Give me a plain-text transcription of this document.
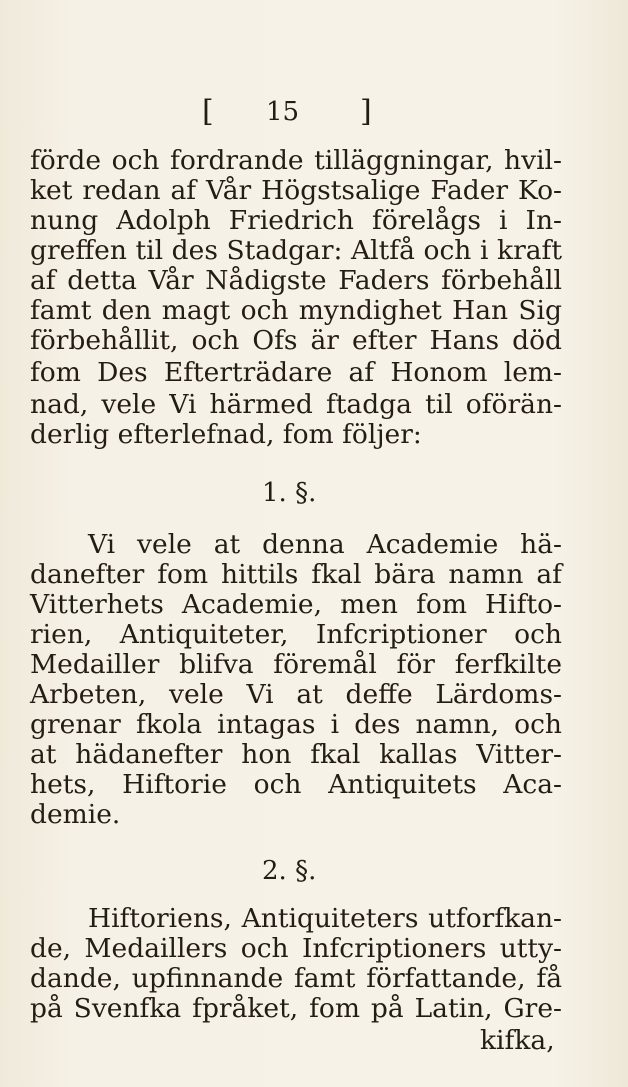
[ 15 ]
förde och fordrande tilläggningar, hvil-
ket redan af Vår Högstsalige Fader Ko-
nung Adolph Friedrich förelågs i In-
greffen til des Stadgar: Altfå och i kraft
af detta Vår Nådigste Faders förbehåll
famt den magt och myndighet Han Sig
förbehållit, och Ofs är efter Hans död
fom Des Efterträdare af Honom lem-
nad, vele Vi härmed ftadga til oförän-
derlig efterlefnad, fom följer:
1. §.
Vi vele at denna Academie hä-
danefter fom hittils fkal bära namn af
Vitterhets Academie, men fom Hifto-
rien, Antiquiteter, Infcriptioner och
Medailler blifva föremål för ferfkilte
Arbeten, vele Vi at deffe Lärdoms-
grenar fkola intagas i des namn, och
at hädanefter hon fkal kallas Vitter-
hets, Hiftorie och Antiquitets Aca-
demie.
2. §.
Hiftoriens, Antiquiteters utforfkan-
de, Medaillers och Infcriptioners utty-
dande, upfinnande famt författande, få
på Svenfka fpråket, fom på Latin, Gre-
kifka,
